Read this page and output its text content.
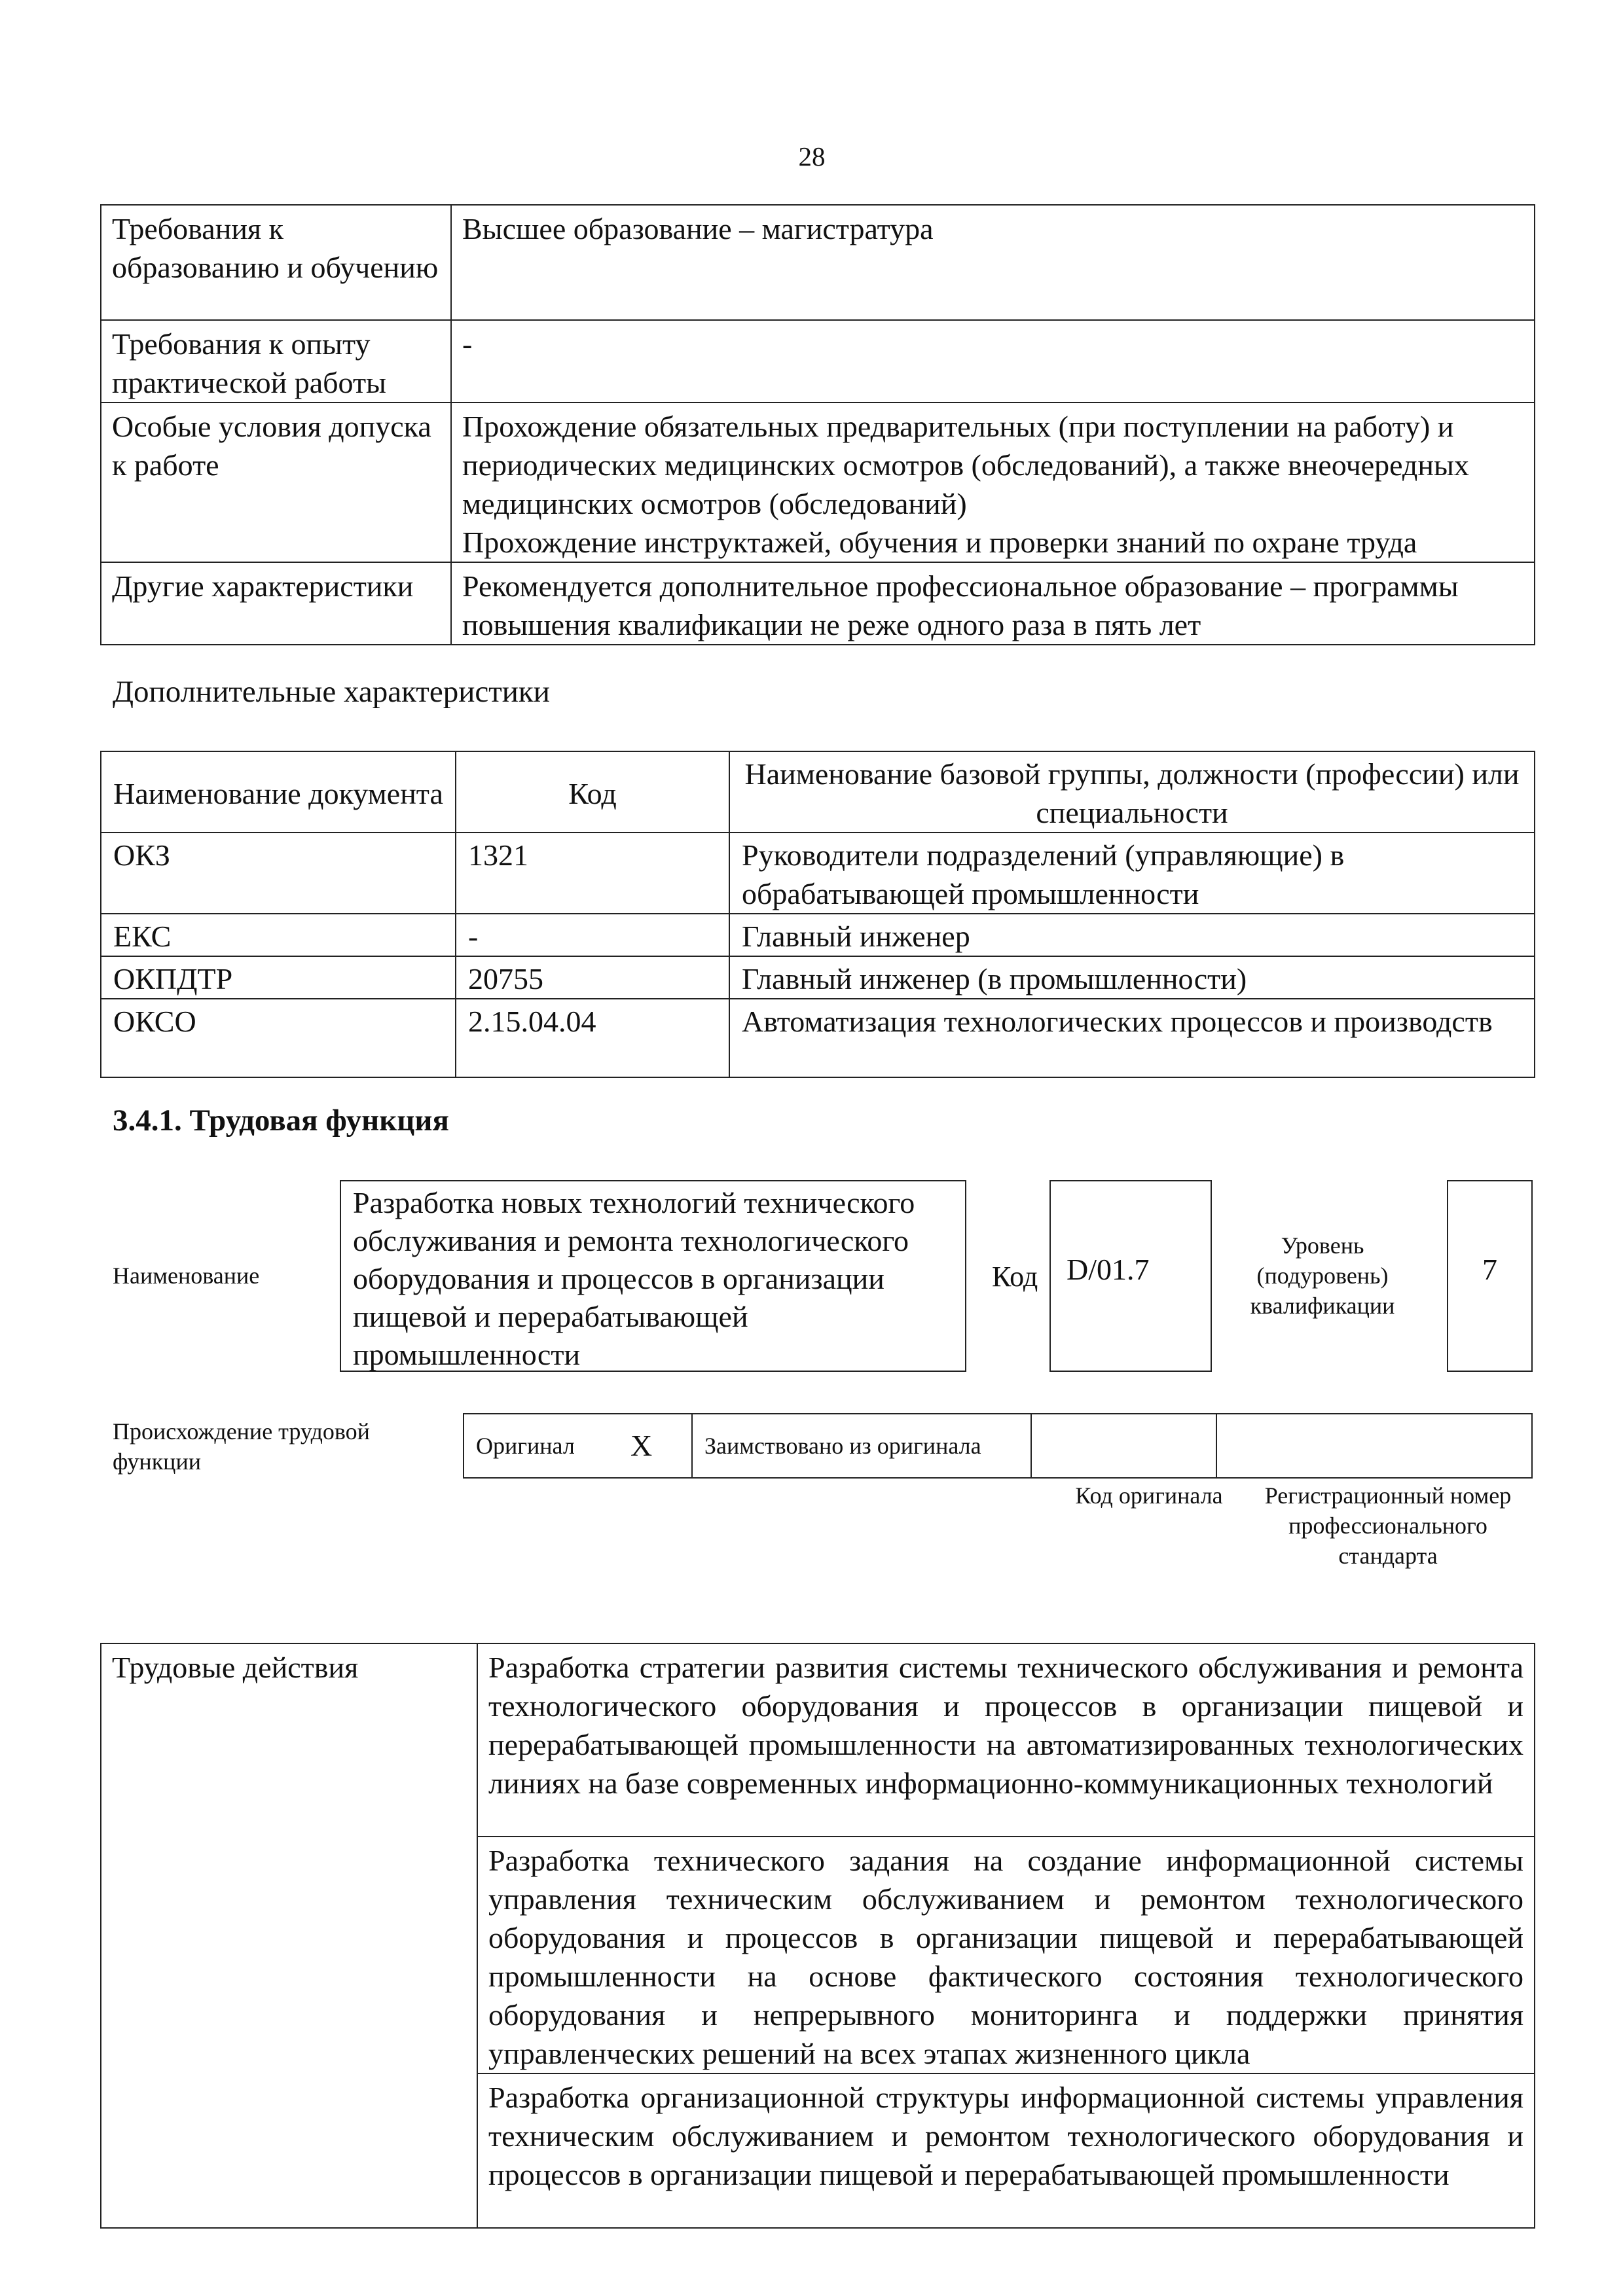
28
Требования к образованию и обучению	Высшее образование – магистратура
Требования к опыту практической работы	-
Особые условия допуска к работе	Прохождение обязательных предварительных (при поступлении на работу) и периодических медицинских осмотров (обследований), а также внеочередных медицинских осмотров (обследований)
Прохождение инструктажей, обучения и проверки знаний по охране труда

Другие характеристики	Рекомендуется дополнительное профессиональное образование – программы повышения квалификации не реже одного раза в пять лет
Дополнительные характеристики
Наименование документа	Код	Наименование базовой группы, должности (профессии) или специальности
ОКЗ	1321	Руководители подразделений (управляющие) в обрабатывающей промышленности
ЕКС	-	Главный инженер
ОКПДТР	20755	Главный инженер (в промышленности)
ОКСО	2.15.04.04	Автоматизация технологических процессов и производств
3.4.1. Трудовая функция
Наименование
Разработка новых технологий технического обслуживания и ремонта технологического оборудования и процессов в организации пищевой и перерабатывающей промышленности
Код D/01.7
Уровень (подуровень) квалификации
7
Происхождение трудовой функции
Оригинал	X	Заимствовано из оригинала		
Код оригинала	Регистрационный номер профессионального стандарта
Трудовые действия	Разработка стратегии развития системы технического обслуживания и ремонта технологического оборудования и процессов в организации пищевой и перерабатывающей промышленности на автоматизированных технологических линиях на базе современных информационно-коммуникационных технологий
Разработка технического задания на создание информационной системы управления техническим обслуживанием и ремонтом технологического оборудования и процессов в организации пищевой и перерабатывающей промышленности на основе фактического состояния технологического оборудования и непрерывного мониторинга и поддержки принятия управленческих решений на всех этапах жизненного цикла
Разработка организационной структуры информационной системы управления техническим обслуживанием и ремонтом технологического оборудования и процессов в организации пищевой и перерабатывающей промышленности
